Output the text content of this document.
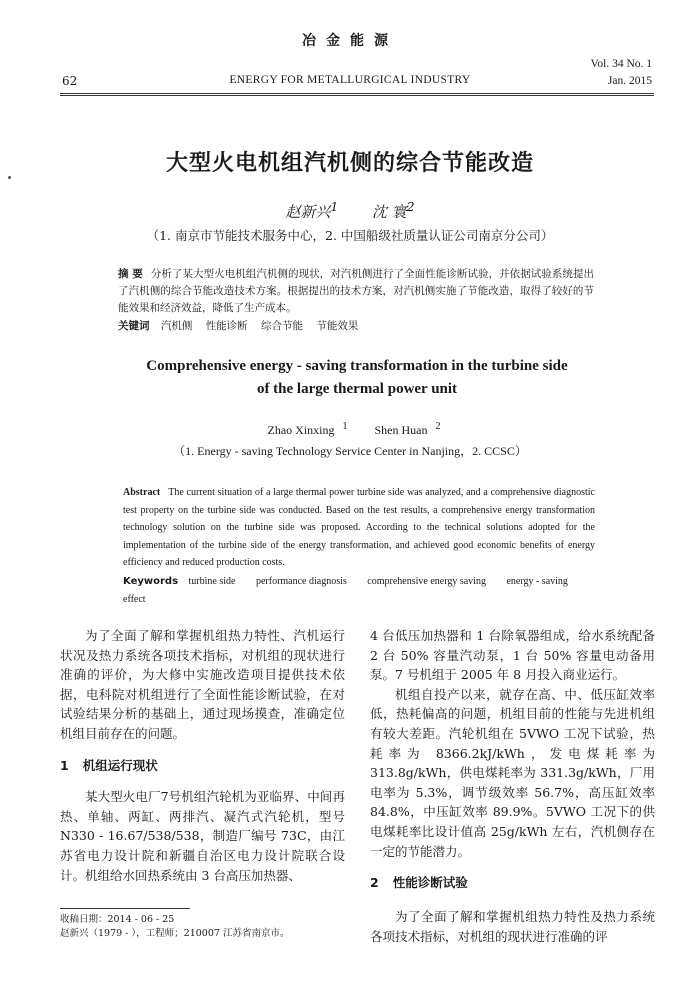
冶金能源
Vol. 34 No. 1
Jan. 2015
62	ENERGY FOR METALLURGICAL INDUSTRY
大型火电机组汽机侧的综合节能改造
赵新兴$^1$ 沈 寰$^2$
（1. 南京市节能技术服务中心，2. 中国船级社质量认证公司南京分公司）
摘 要 分析了某大型火电机组汽机侧的现状，对汽机侧进行了全面性能诊断试验，并依据试验系统提出了汽机侧的综合节能改造技术方案。根据提出的技术方案，对汽机侧实施了节能改造，取得了较好的节能效果和经济效益，降低了生产成本。
关键词 汽机侧 性能诊断 综合节能 节能效果
Comprehensive energy - saving transformation in the turbine side
of the large thermal power unit
Zhao Xinxing $^1$ Shen Huan $^2$
（1. Energy - saving Technology Service Center in Nanjing，2. CCSC）
Abstract The current situation of a large thermal power turbine side was analyzed, and a comprehensive diagnostic test property on the turbine side was conducted. Based on the test results, a comprehensive energy transformation technology solution on the turbine side was proposed. According to the technical solutions adopted for the implementation of the turbine side of the energy transformation, and achieved good economic benefits of energy efficiency and reduced production costs.
Keywords turbine side performance diagnosis comprehensive energy saving energy - saving effect

为了全面了解和掌握机组热力特性、汽机运行状况及热力系统各项技术指标，对机组的现状进行准确的评价，为大修中实施改造项目提供技术依据，电科院对机组进行了全面性能诊断试验，在对试验结果分析的基础上，通过现场摸查，准确定位机组目前存在的问题。

1 机组运行现状

某大型火电厂7号机组汽轮机为亚临界、中间再热、单轴、两缸、两排汽、凝汽式汽轮机，型号 N330 - 16.67/538/538，制造厂编号 73C，由江苏省电力设计院和新疆自治区电力设计院联合设计。机组给水回热系统由 3 台高压加热器、

4 台低压加热器和 1 台除氧器组成，给水系统配备 2 台 50% 容量汽动泵，1 台 50% 容量电动备用泵。7 号机组于 2005 年 8 月投入商业运行。

机组自投产以来，就存在高、中、低压缸效率低，热耗偏高的问题，机组目前的性能与先进机组有较大差距。汽轮机组在 5VWO 工况下试验，热耗率为 8366.2kJ/kWh，发电煤耗率为 313.8g/kWh，供电煤耗率为 331.3g/kWh，厂用电率为 5.3%，调节级效率 56.7%，高压缸效率 84.8%，中压缸效率 89.9%。5VWO 工况下的供电煤耗率比设计值高 25g/kWh 左右，汽机侧存在一定的节能潜力。

2 性能诊断试验

为了全面了解和掌握机组热力特性及热力系统各项技术指标，对机组的现状进行准确的评

收稿日期：2014 - 06 - 25
赵新兴（1979 - ），工程师；210007 江苏省南京市。
